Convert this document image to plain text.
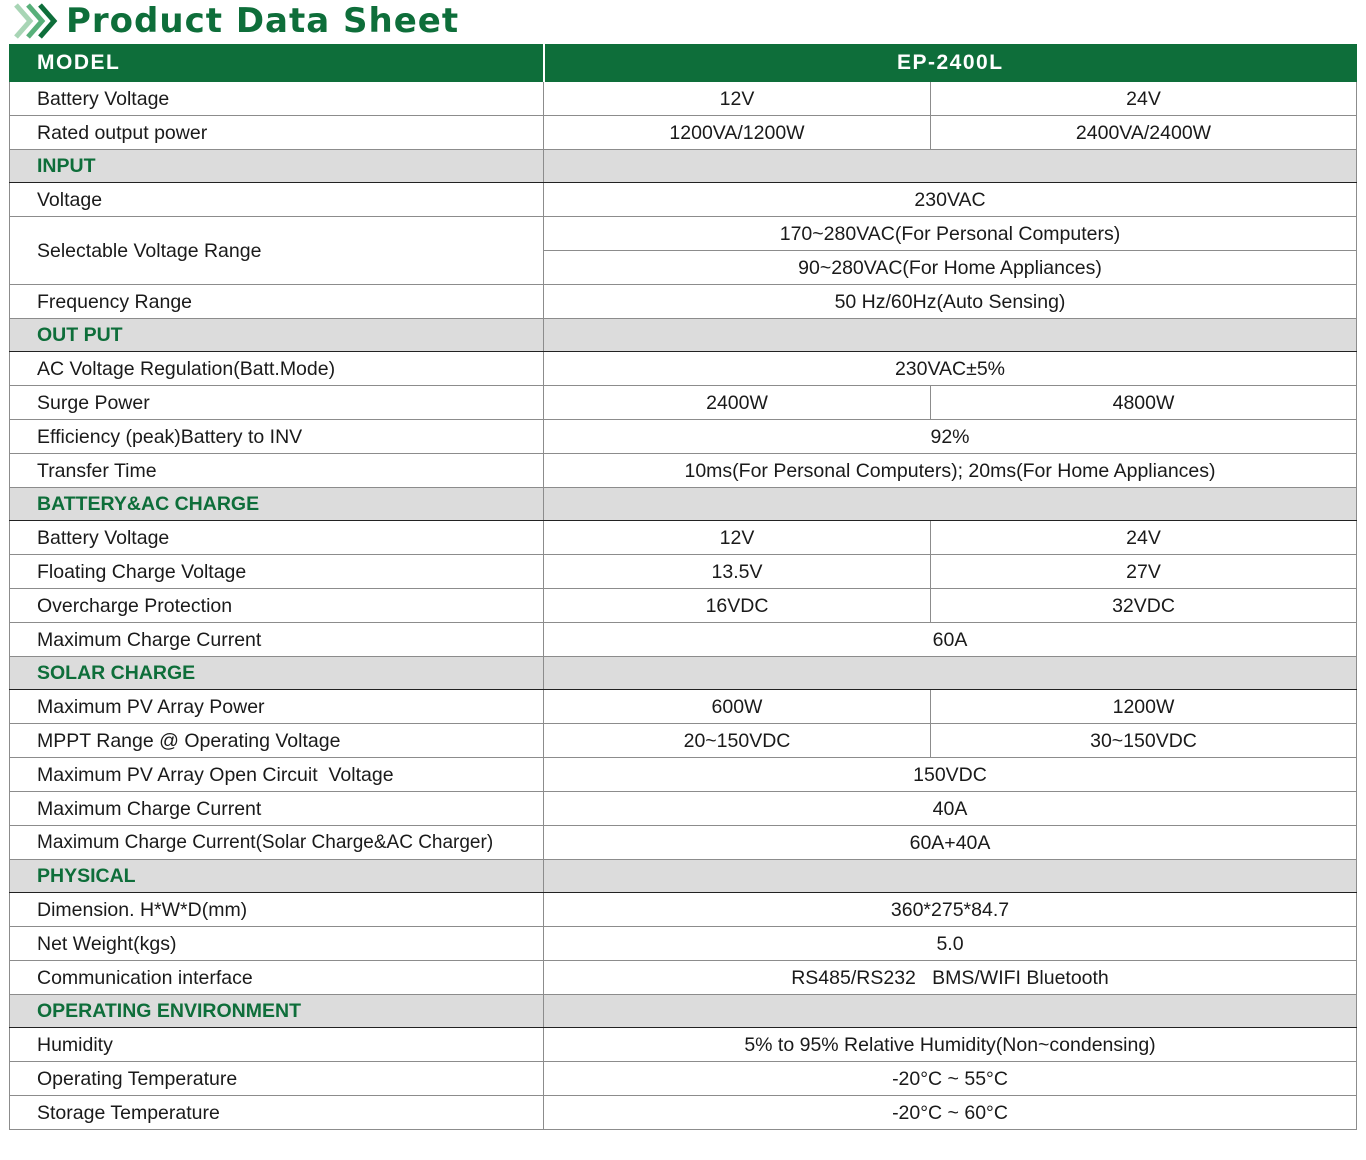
Product Data Sheet
MODEL	EP-2400L	
Battery Voltage	12V	24V
Rated output power	1200VA/1200W	2400VA/2400W
INPUT		
Voltage	230VAC	
Selectable Voltage Range	170~280VAC(For Personal Computers)	
	90~280VAC(For Home Appliances)	
Frequency Range	50 Hz/60Hz(Auto Sensing)	
OUT PUT		
AC Voltage Regulation(Batt.Mode)	230VAC±5%	
Surge Power	2400W	4800W
Efficiency (peak)Battery to INV	92%	
Transfer Time	10ms(For Personal Computers); 20ms(For Home Appliances)	
BATTERY&AC CHARGE		
Battery Voltage	12V	24V
Floating Charge Voltage	13.5V	27V
Overcharge Protection	16VDC	32VDC
Maximum Charge Current	60A	
SOLAR CHARGE		
Maximum PV Array Power	600W	1200W
MPPT Range @ Operating Voltage	20~150VDC	30~150VDC
Maximum PV Array Open Circuit  Voltage	150VDC	
Maximum Charge Current	40A	
Maximum Charge Current(Solar Charge&AC Charger)	60A+40A	
PHYSICAL		
Dimension. H*W*D(mm)	360*275*84.7	
Net Weight(kgs)	5.0	
Communication interface	RS485/RS232   BMS/WIFI Bluetooth	
OPERATING ENVIRONMENT		
Humidity	5% to 95% Relative Humidity(Non~condensing)	
Operating Temperature	-20°C ~ 55°C	
Storage Temperature	-20°C ~ 60°C	
